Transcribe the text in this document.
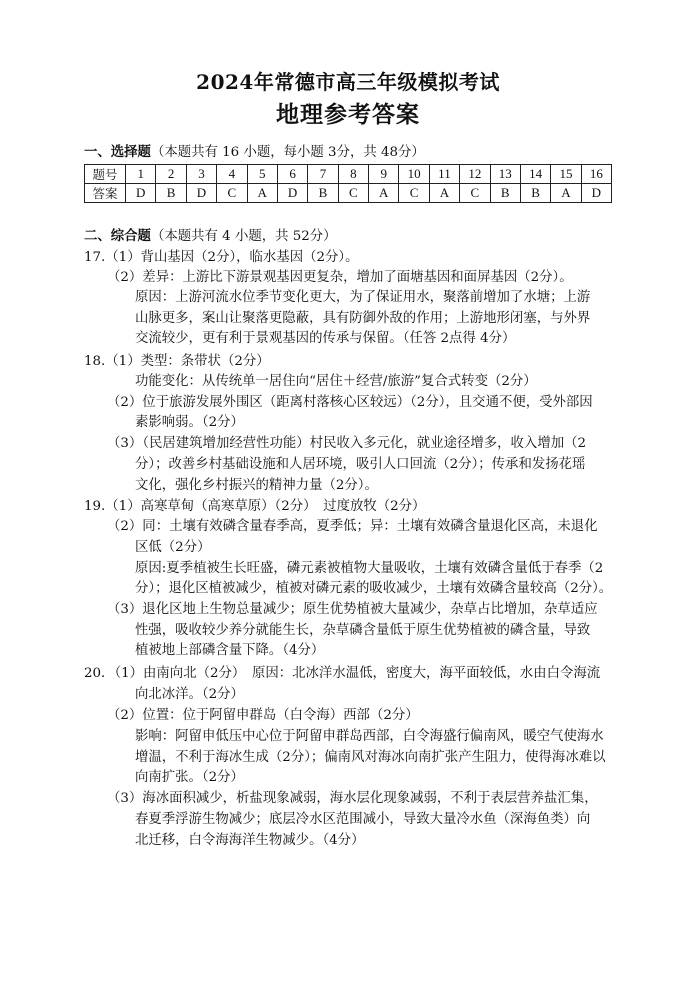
2024年常德市高三年级模拟考试
地理参考答案
一、选择题（本题共有 16 小题，每小题 3分，共 48分）
题号	1	2	3	4	5	6	7	8	9	10	11	12	13	14	15	16
答案	D	B	D	C	A	D	B	C	A	C	A	C	B	B	A	D
二、综合题（本题共有 4 小题，共 52分）
17.（1）背山基因（2分），临水基因（2分）。
（2）差异：上游比下游景观基因更复杂，增加了面塘基因和面屏基因（2分）。
原因：上游河流水位季节变化更大，为了保证用水，聚落前增加了水塘；上游
山脉更多，案山让聚落更隐蔽，具有防御外敌的作用；上游地形闭塞，与外界
交流较少，更有利于景观基因的传承与保留。（任答 2点得 4分）
18.（1）类型：条带状（2分）
功能变化：从传统单一居住向“居住＋经营/旅游”复合式转变（2分）
（2）位于旅游发展外围区（距离村落核心区较远）（2分），且交通不便，受外部因
素影响弱。（2分）
（3）（民居建筑增加经营性功能）村民收入多元化，就业途径增多，收入增加（2
分）；改善乡村基础设施和人居环境，吸引人口回流（2分）；传承和发扬花瑶
文化，强化乡村振兴的精神力量（2分）。
19.（1）高寒草甸（高寒草原）（2分）　过度放牧（2分）
（2）同：土壤有效磷含量春季高，夏季低；异：土壤有效磷含量退化区高，未退化
区低（2分）
原因:夏季植被生长旺盛，磷元素被植物大量吸收，土壤有效磷含量低于春季（2
分）；退化区植被减少，植被对磷元素的吸收减少，土壤有效磷含量较高（2分）。
（3）退化区地上生物总量减少；原生优势植被大量减少，杂草占比增加，杂草适应
性强，吸收较少养分就能生长，杂草磷含量低于原生优势植被的磷含量，导致
植被地上部磷含量下降。（4分）
20．（1）由南向北（2分）　原因：北冰洋水温低，密度大，海平面较低，水由白令海流
向北冰洋。（2分）
（2）位置：位于阿留申群岛（白令海）西部（2分）
影响：阿留申低压中心位于阿留申群岛西部，白令海盛行偏南风，暖空气使海水
增温，不利于海冰生成（2分）；偏南风对海冰向南扩张产生阻力，使得海冰难以
向南扩张。（2分）
（3）海冰面积减少，析盐现象减弱，海水层化现象减弱，不利于表层营养盐汇集，
春夏季浮游生物减少；底层冷水区范围减小，导致大量冷水鱼（深海鱼类）向
北迁移，白令海海洋生物减少。（4分）
